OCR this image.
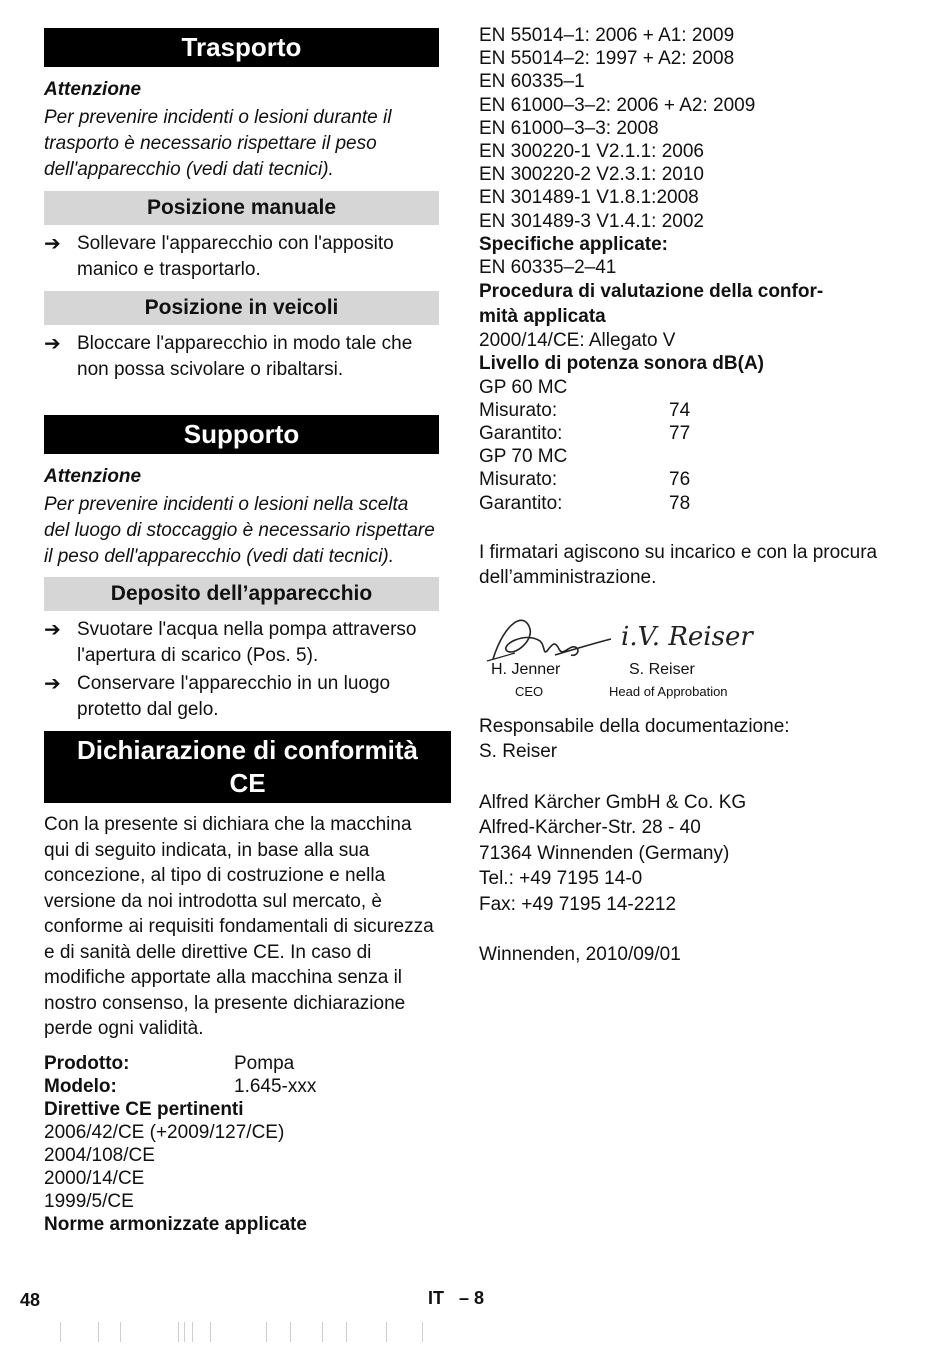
Trasporto
Attenzione
Per prevenire incidenti o lesioni durante il trasporto è necessario rispettare il peso dell'apparecchio (vedi dati tecnici).
Posizione manuale
➔ Sollevare l'apparecchio con l'apposito manico e trasportarlo.
Posizione in veicoli
➔ Bloccare l'apparecchio in modo tale che non possa scivolare o ribaltarsi.
Supporto
Attenzione
Per prevenire incidenti o lesioni nella scelta del luogo di stoccaggio è necessario rispettare il peso dell'apparecchio (vedi dati tecnici).
Deposito dell’apparecchio
➔ Svuotare l'acqua nella pompa attraverso l'apertura di scarico (Pos. 5).
➔ Conservare l'apparecchio in un luogo protetto dal gelo.
Dichiarazione di conformità
CE
Con la presente si dichiara che la macchina qui di seguito indicata, in base alla sua concezione, al tipo di costruzione e nella versione da noi introdotta sul mercato, è conforme ai requisiti fondamentali di sicurezza e di sanità delle direttive CE. In caso di modifiche apportate alla macchina senza il nostro consenso, la presente dichiarazione perde ogni validità.
Prodotto:	Pompa
Modelo:	1.645-xxx
Direttive CE pertinenti
2006/42/CE (+2009/127/CE)
2004/108/CE
2000/14/CE
1999/5/CE
Norme armonizzate applicate
EN 55014–1: 2006 + A1: 2009
EN 55014–2: 1997 + A2: 2008
EN 60335–1
EN 61000–3–2: 2006 + A2: 2009
EN 61000–3–3: 2008
EN 300220-1 V2.1.1: 2006
EN 300220-2 V2.3.1: 2010
EN 301489-1 V1.8.1:2008
EN 301489-3 V1.4.1: 2002
Specifiche applicate:
EN 60335–2–41
Procedura di valutazione della confor-
mità applicata
2000/14/CE: Allegato V
Livello di potenza sonora dB(A)
GP 60 MC
Misurato:	74
Garantito:	77
GP 70 MC
Misurato:	76
Garantito:	78
I firmatari agiscono su incarico e con la procura dell’amministrazione.
i.V. Reiser
H. Jenner
CEO
S. Reiser
Head of Approbation
Responsabile della documentazione:
S. Reiser
Alfred Kärcher GmbH & Co. KG
Alfred-Kärcher-Str. 28 - 40
71364 Winnenden (Germany)
Tel.: +49 7195 14-0
Fax: +49 7195 14-2212
Winnenden, 2010/09/01
48	IT   – 8
